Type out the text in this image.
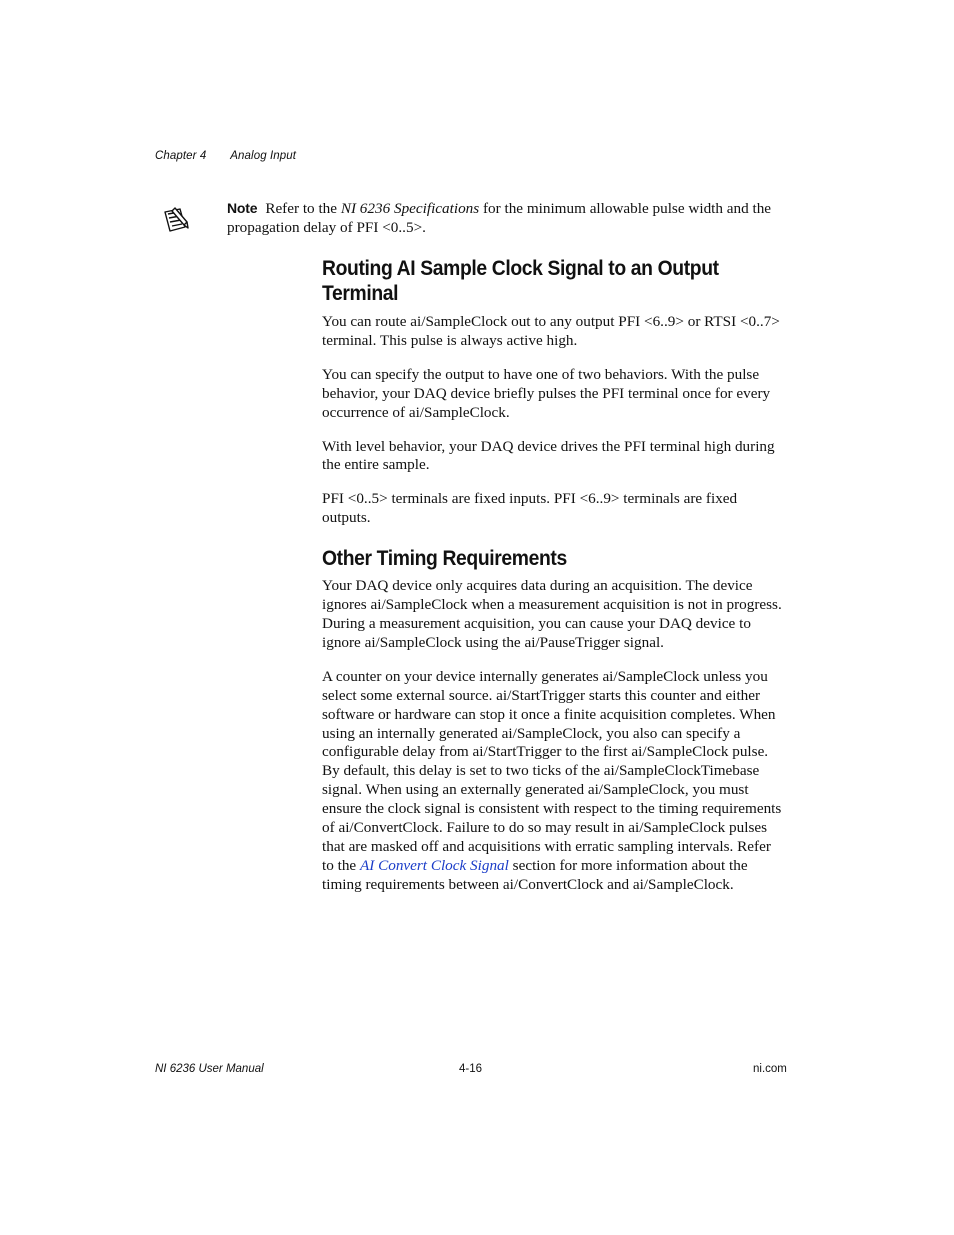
Chapter 4 Analog Input
Note Refer to the NI 6236 Specifications for the minimum allowable pulse width and the propagation delay of PFI <0..5>.
Routing AI Sample Clock Signal to an Output Terminal

You can route ai/SampleClock out to any output PFI <6..9> or RTSI <0..7> terminal. This pulse is always active high.

You can specify the output to have one of two behaviors. With the pulse behavior, your DAQ device briefly pulses the PFI terminal once for every occurrence of ai/SampleClock.

With level behavior, your DAQ device drives the PFI terminal high during the entire sample.

PFI <0..5> terminals are fixed inputs. PFI <6..9> terminals are fixed outputs.

Other Timing Requirements

Your DAQ device only acquires data during an acquisition. The device ignores ai/SampleClock when a measurement acquisition is not in progress. During a measurement acquisition, you can cause your DAQ device to ignore ai/SampleClock using the ai/PauseTrigger signal.

A counter on your device internally generates ai/SampleClock unless you select some external source. ai/StartTrigger starts this counter and either software or hardware can stop it once a finite acquisition completes. When using an internally generated ai/SampleClock, you also can specify a configurable delay from ai/StartTrigger to the first ai/SampleClock pulse. By default, this delay is set to two ticks of the ai/SampleClockTimebase signal. When using an externally generated ai/SampleClock, you must ensure the clock signal is consistent with respect to the timing requirements of ai/ConvertClock. Failure to do so may result in ai/SampleClock pulses that are masked off and acquisitions with erratic sampling intervals. Refer to the AI Convert Clock Signal section for more information about the timing requirements between ai/ConvertClock and ai/SampleClock.

NI 6236 User Manual	4-16	ni.com
